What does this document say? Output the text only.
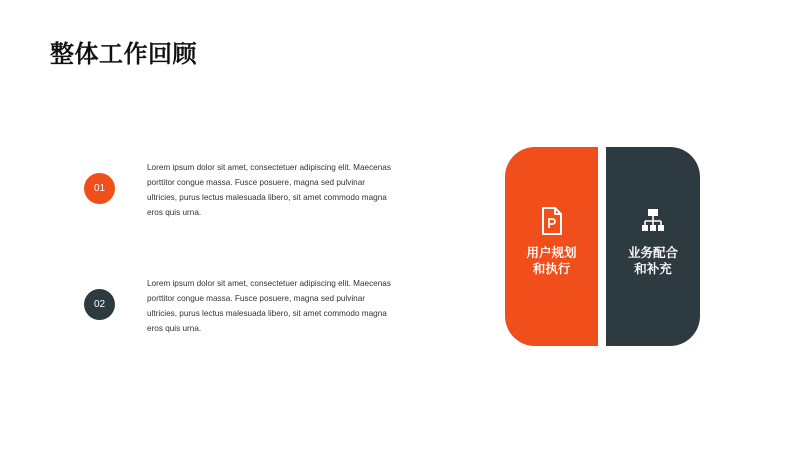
整体工作回顾
01

Lorem ipsum dolor sit amet, consectetuer adipiscing elit. Maecenas porttitor congue massa. Fusce posuere, magna sed pulvinar ultricies, purus lectus malesuada libero, sit amet commodo magna eros quis urna.

02

Lorem ipsum dolor sit amet, consectetuer adipiscing elit. Maecenas porttitor congue massa. Fusce posuere, magna sed pulvinar ultricies, purus lectus malesuada libero, sit amet commodo magna eros quis urna.

用户规划
和执行
业务配合
和补充
